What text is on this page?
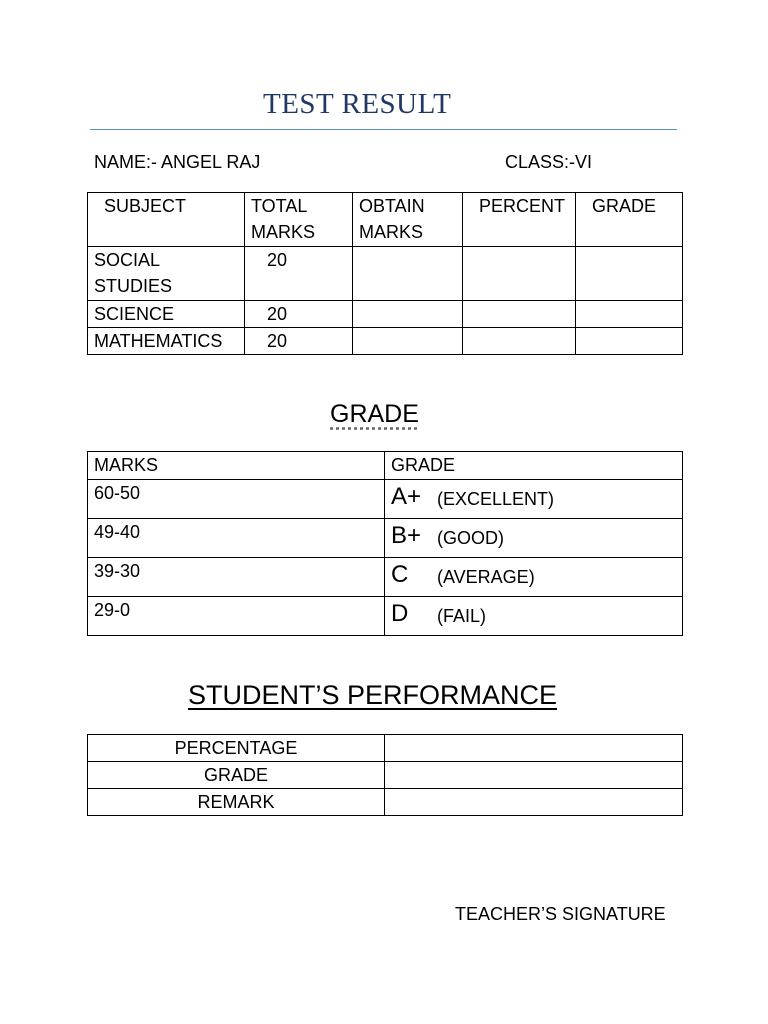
TEST RESULT
NAME:- ANGEL RAJ	CLASS:-VI
SUBJECT	TOTAL MARKS	OBTAIN MARKS	PERCENT	GRADE
SOCIAL STUDIES	20			
SCIENCE	20			
MATHEMATICS	20			
GRADE
MARKS	GRADE
60-50	A+ (EXCELLENT)
49-40	B+ (GOOD)
39-30	C (AVERAGE)
29-0	D (FAIL)
STUDENT’S PERFORMANCE
PERCENTAGE	
GRADE	
REMARK	
TEACHER’S SIGNATURE
